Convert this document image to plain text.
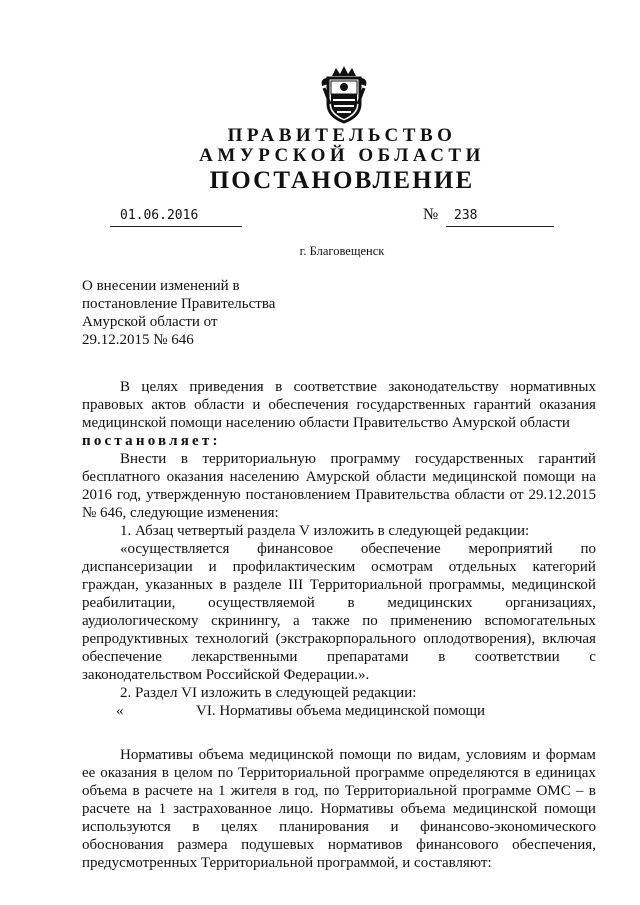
ПРАВИТЕЛЬСТВО
АМУРСКОЙ ОБЛАСТИ
ПОСТАНОВЛЕНИЕ
01.06.2016	№	238
г. Благовещенск
О внесении изменений в
постановление Правительства
Амурской области от
29.12.2015 № 646
В целях приведения в соответствие законодательству нормативных
правовых актов области и обеспечения государственных гарантий оказания
медицинской помощи населению области Правительство Амурской области
постановляет:
Внести в территориальную программу государственных гарантий
бесплатного оказания населению Амурской области медицинской помощи на
2016 год, утвержденную постановлением Правительства области от 29.12.2015
№ 646, следующие изменения:
1. Абзац четвертый раздела V изложить в следующей редакции:
«осуществляется финансовое обеспечение мероприятий по
диспансеризации и профилактическим осмотрам отдельных категорий
граждан, указанных в разделе III Территориальной программы, медицинской
реабилитации, осуществляемой в медицинских организациях,
аудиологическому скринингу, а также по применению вспомогательных
репродуктивных технологий (экстракорпорального оплодотворения), включая
обеспечение лекарственными препаратами в соответствии с
законодательством Российской Федерации.».
2. Раздел VI изложить в следующей редакции:
«	VI. Нормативы объема медицинской помощи
Нормативы объема медицинской помощи по видам, условиям и формам
ее оказания в целом по Территориальной программе определяются в единицах
объема в расчете на 1 жителя в год, по Территориальной программе ОМС – в
расчете на 1 застрахованное лицо. Нормативы объема медицинской помощи
используются в целях планирования и финансово-экономического
обоснования размера подушевых нормативов финансового обеспечения,
предусмотренных Территориальной программой, и составляют:
